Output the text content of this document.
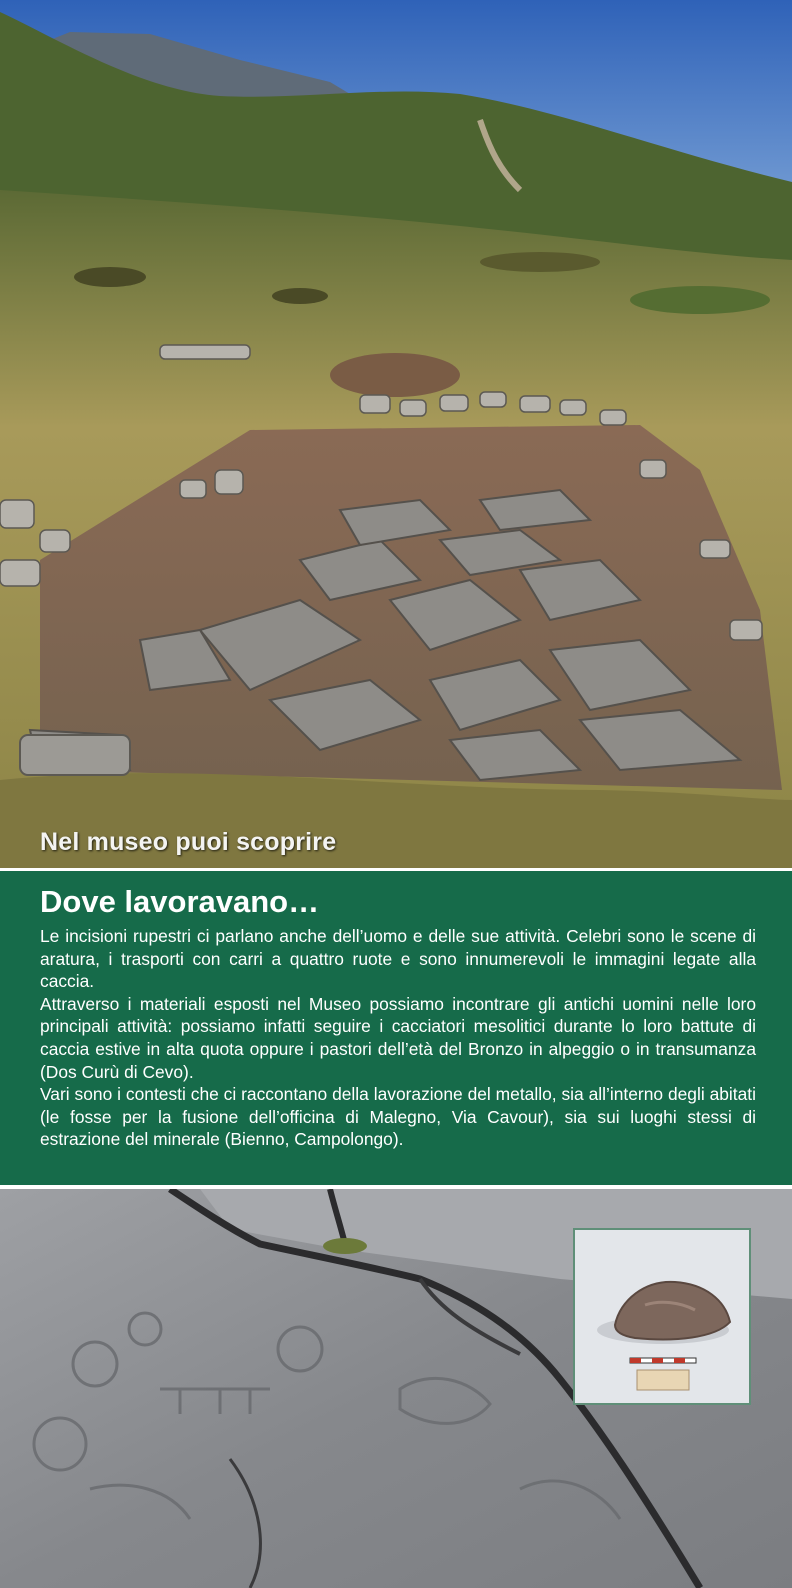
Nel museo puoi scoprire

Dove lavoravano…

Le incisioni rupestri ci parlano anche dell’uomo e delle sue attività. Celebri sono le scene di aratura, i trasporti con carri a quattro ruote e sono innumerevoli le immagini legate alla caccia.

Attraverso i materiali esposti nel Museo possiamo incontrare gli antichi uomini nelle loro principali attività: possiamo infatti seguire i cacciatori mesolitici durante lo loro battute di caccia estive in alta quota oppure i pastori dell’età del Bronzo in alpeggio o in transumanza (Dos Curù di Cevo).

Vari sono i contesti che ci raccontano della lavorazione del metallo, sia all’interno degli abitati (le fosse per la fusione dell’officina di Malegno, Via Cavour), sia sui luoghi stessi di estrazione del minerale (Bienno, Campolongo).
